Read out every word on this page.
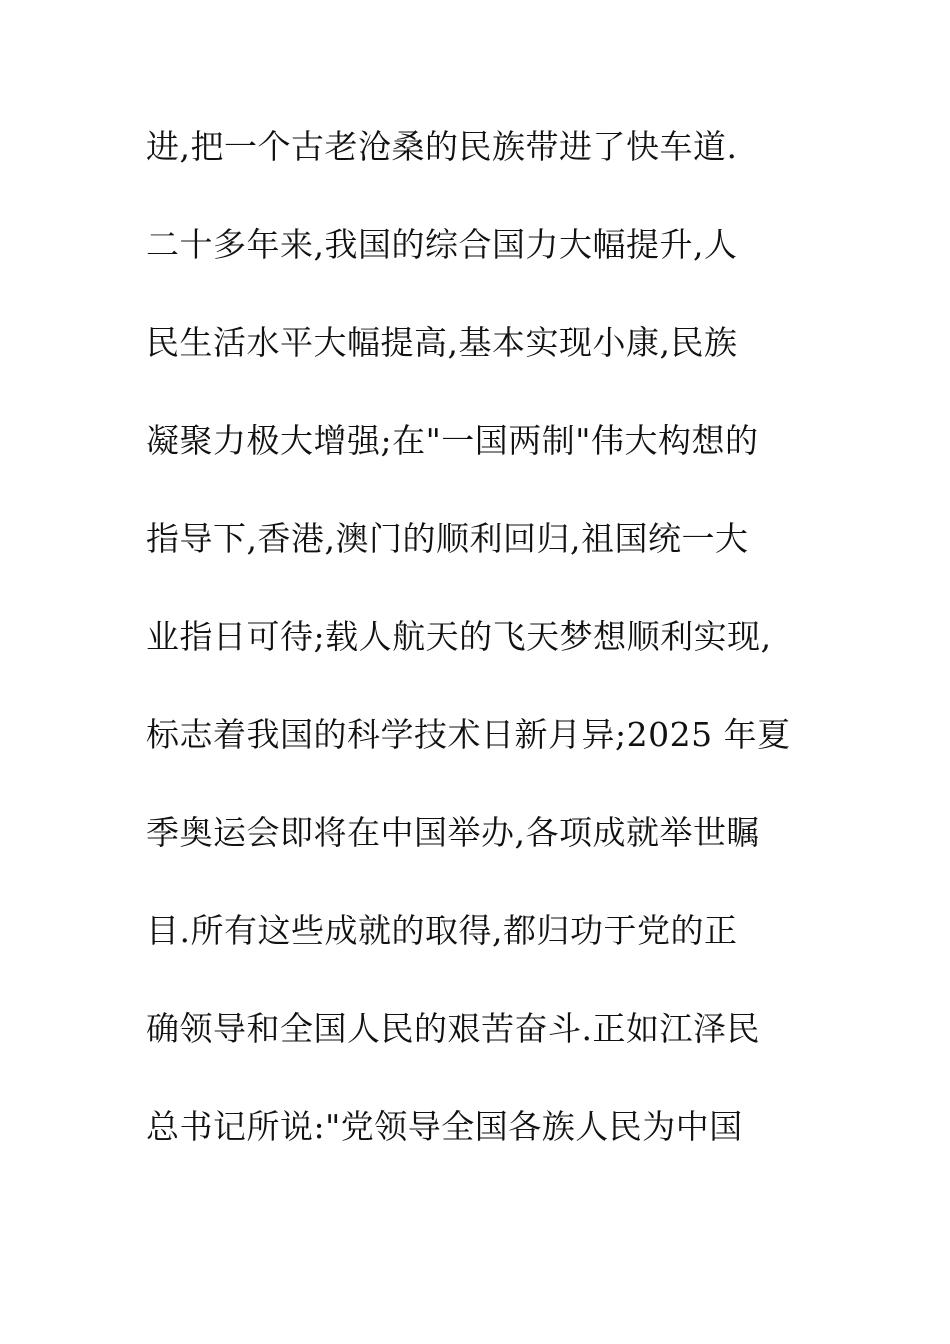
进,把一个古老沧桑的民族带进了快车道.
二十多年来,我国的综合国力大幅提升,人
民生活水平大幅提高,基本实现小康,民族
凝聚力极大增强;在"一国两制"伟大构想的
指导下,香港,澳门的顺利回归,祖国统一大
业指日可待;载人航天的飞天梦想顺利实现,
标志着我国的科学技术日新月异;2025 年夏
季奥运会即将在中国举办,各项成就举世瞩
目.所有这些成就的取得,都归功于党的正
确领导和全国人民的艰苦奋斗.正如江泽民
总书记所说:"党领导全国各族人民为中国
